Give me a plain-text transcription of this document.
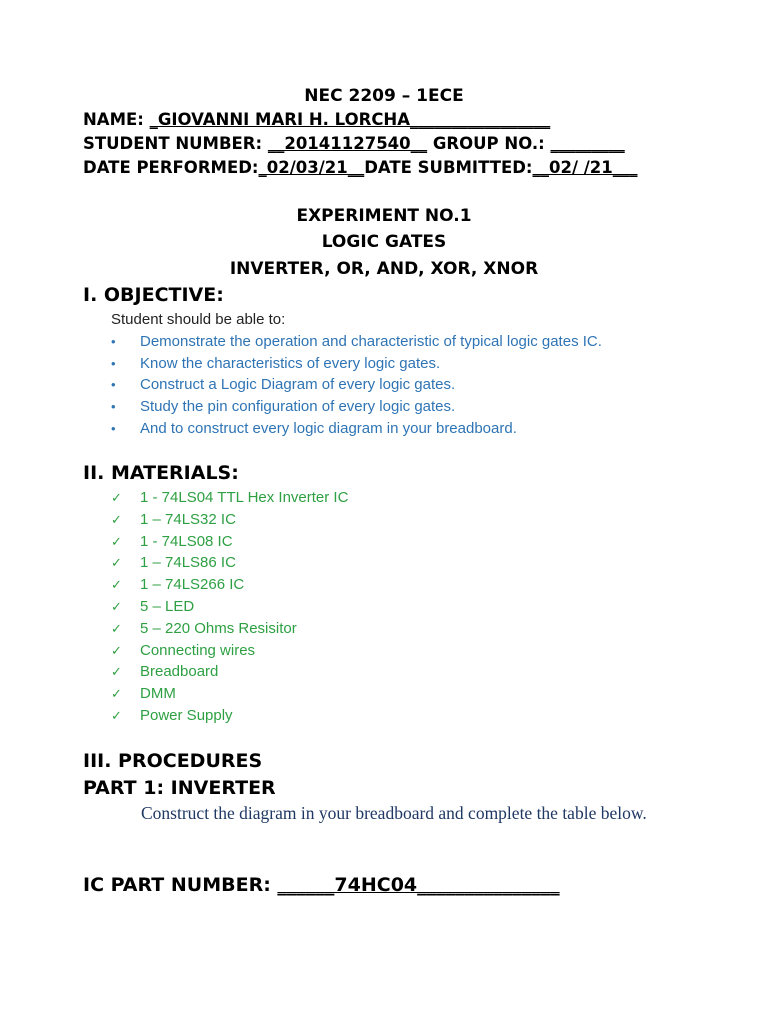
NEC 2209 – 1ECE
NAME: _GIOVANNI MARI H. LORCHA_________________
STUDENT NUMBER: __20141127540__ GROUP NO.: _________
DATE PERFORMED:_02/03/21__DATE SUBMITTED:__02/ /21___
EXPERIMENT NO.1
LOGIC GATES
INVERTER, OR, AND, XOR, XNOR
I. OBJECTIVE:
Student should be able to:
• Demonstrate the operation and characteristic of typical logic gates IC.
• Know the characteristics of every logic gates.
• Construct a Logic Diagram of every logic gates.
• Study the pin configuration of every logic gates.
• And to construct every logic diagram in your breadboard.
II. MATERIALS:
✓ 1 - 74LS04 TTL Hex Inverter IC
✓ 1 – 74LS32 IC
✓ 1 - 74LS08 IC
✓ 1 – 74LS86 IC
✓ 1 – 74LS266 IC
✓ 5 – LED
✓ 5 – 220 Ohms Resisitor
✓ Connecting wires
✓ Breadboard
✓ DMM
✓ Power Supply
III. PROCEDURES
PART 1: INVERTER
Construct the diagram in your breadboard and complete the table below.
IC PART NUMBER: ______74HC04_______________
